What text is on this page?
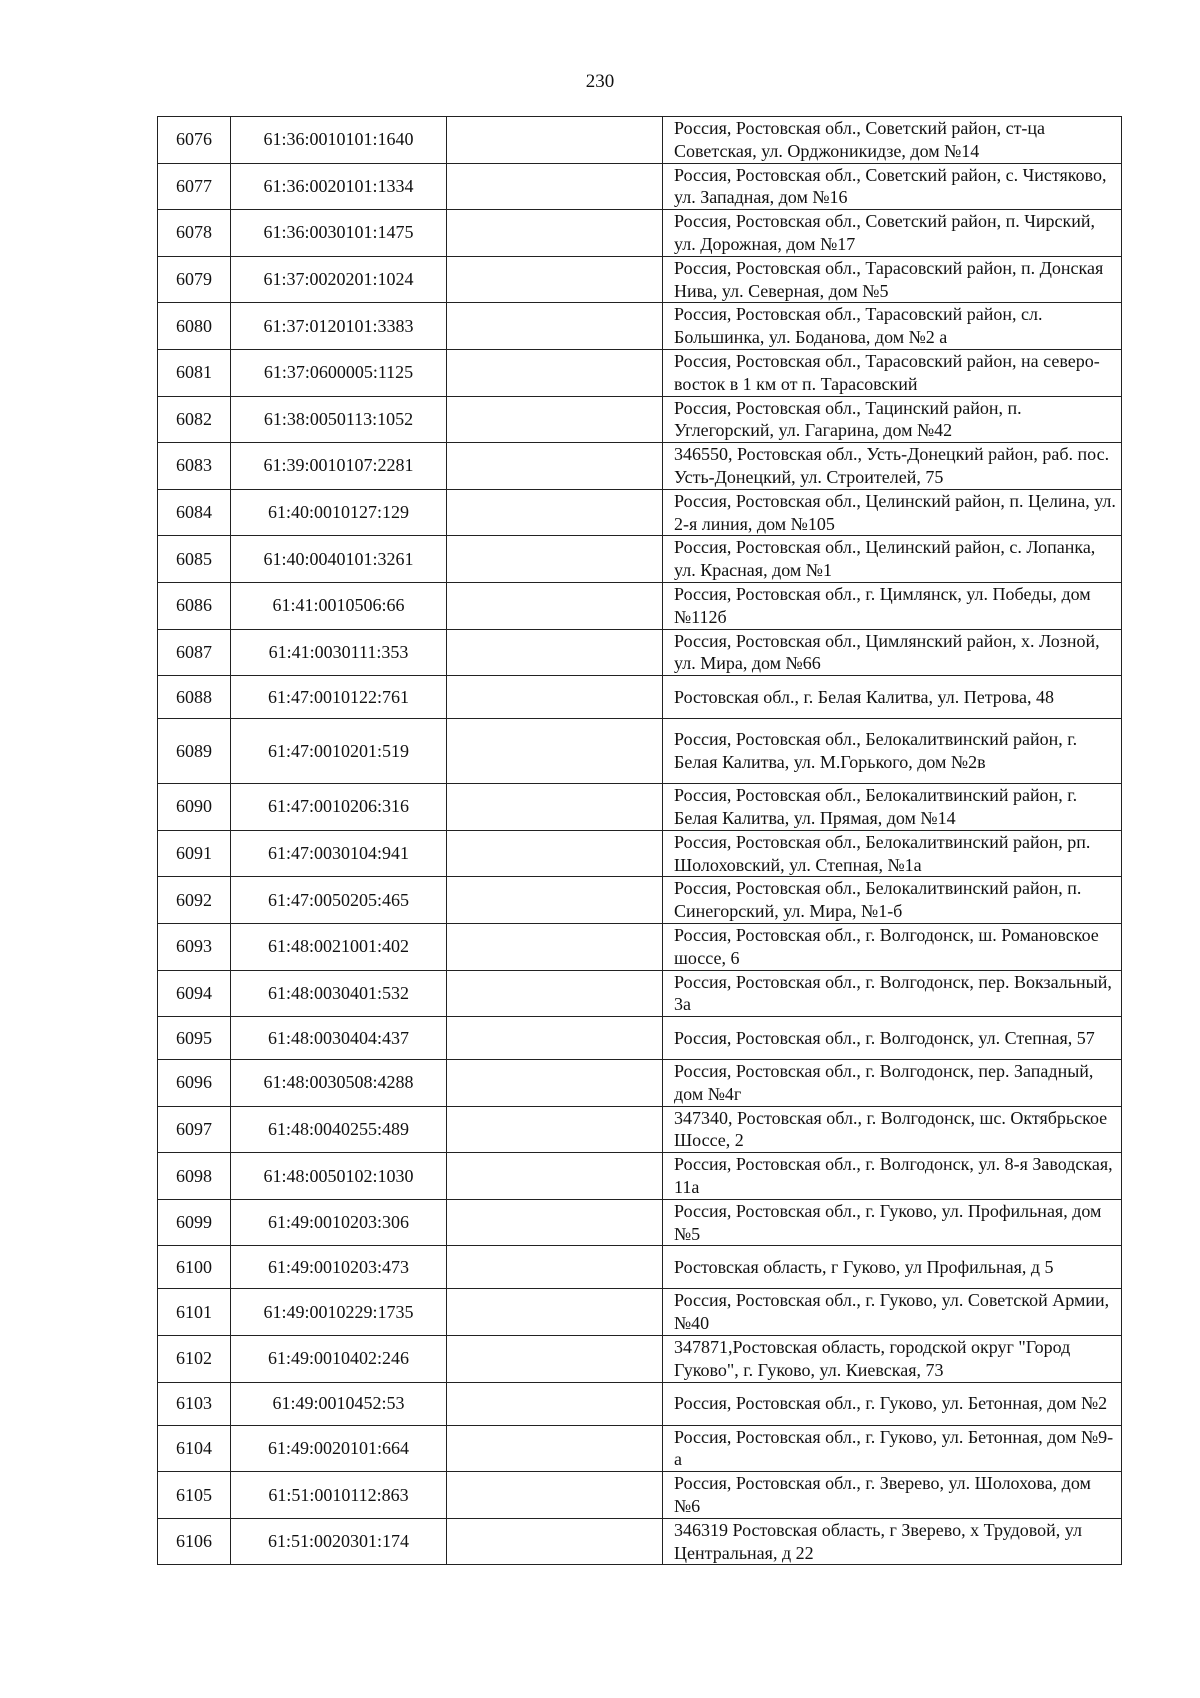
230
6076	61:36:0010101:1640		Россия, Ростовская обл., Советский район, ст-ца Советская, ул. Орджоникидзе, дом №14
6077	61:36:0020101:1334		Россия, Ростовская обл., Советский район, с. Чистяково, ул. Западная, дом №16
6078	61:36:0030101:1475		Россия, Ростовская обл., Советский район, п. Чирский, ул. Дорожная, дом №17
6079	61:37:0020201:1024		Россия, Ростовская обл., Тарасовский район, п. Донская Нива, ул. Северная, дом №5
6080	61:37:0120101:3383		Россия, Ростовская обл., Тарасовский район, сл. Большинка, ул. Боданова, дом №2 а
6081	61:37:0600005:1125		Россия, Ростовская обл., Тарасовский район, на северо-восток в 1 км от п. Тарасовский
6082	61:38:0050113:1052		Россия, Ростовская обл., Тацинский район, п. Углегорский, ул. Гагарина, дом №42
6083	61:39:0010107:2281		346550, Ростовская обл., Усть-Донецкий район, раб. пос. Усть-Донецкий, ул. Строителей, 75
6084	61:40:0010127:129		Россия, Ростовская обл., Целинский район, п. Целина, ул. 2-я линия, дом №105
6085	61:40:0040101:3261		Россия, Ростовская обл., Целинский район, с. Лопанка, ул. Красная, дом №1
6086	61:41:0010506:66		Россия, Ростовская обл., г. Цимлянск, ул. Победы, дом №112б
6087	61:41:0030111:353		Россия, Ростовская обл., Цимлянский район, х. Лозной, ул. Мира, дом №66
6088	61:47:0010122:761		Ростовская обл., г. Белая Калитва, ул. Петрова, 48
6089	61:47:0010201:519		Россия, Ростовская обл., Белокалитвинский район, г. Белая Калитва, ул. М.Горького, дом №2в
6090	61:47:0010206:316		Россия, Ростовская обл., Белокалитвинский район, г. Белая Калитва, ул. Прямая, дом №14
6091	61:47:0030104:941		Россия, Ростовская обл., Белокалитвинский район, рп. Шолоховский, ул. Степная, №1а
6092	61:47:0050205:465		Россия, Ростовская обл., Белокалитвинский район, п. Синегорский, ул. Мира, №1-б
6093	61:48:0021001:402		Россия, Ростовская обл., г. Волгодонск, ш. Романовское шоссе, 6
6094	61:48:0030401:532		Россия, Ростовская обл., г. Волгодонск, пер. Вокзальный, 3а
6095	61:48:0030404:437		Россия, Ростовская обл., г. Волгодонск, ул. Степная, 57
6096	61:48:0030508:4288		Россия, Ростовская обл., г. Волгодонск, пер. Западный, дом №4г
6097	61:48:0040255:489		347340, Ростовская обл., г. Волгодонск, шс. Октябрьское Шоссе, 2
6098	61:48:0050102:1030		Россия, Ростовская обл., г. Волгодонск, ул. 8-я Заводская, 11а
6099	61:49:0010203:306		Россия, Ростовская обл., г. Гуково, ул. Профильная, дом №5
6100	61:49:0010203:473		Ростовская область, г Гуково, ул Профильная, д 5
6101	61:49:0010229:1735		Россия, Ростовская обл., г. Гуково, ул. Советской Армии, №40
6102	61:49:0010402:246		347871,Ростовская область, городской округ "Город Гуково", г. Гуково, ул. Киевская, 73
6103	61:49:0010452:53		Россия, Ростовская обл., г. Гуково, ул. Бетонная, дом №2
6104	61:49:0020101:664		Россия, Ростовская обл., г. Гуково, ул. Бетонная, дом №9-а
6105	61:51:0010112:863		Россия, Ростовская обл., г. Зверево, ул. Шолохова, дом №6
6106	61:51:0020301:174		346319 Ростовская область, г Зверево, х Трудовой, ул Центральная, д 22
